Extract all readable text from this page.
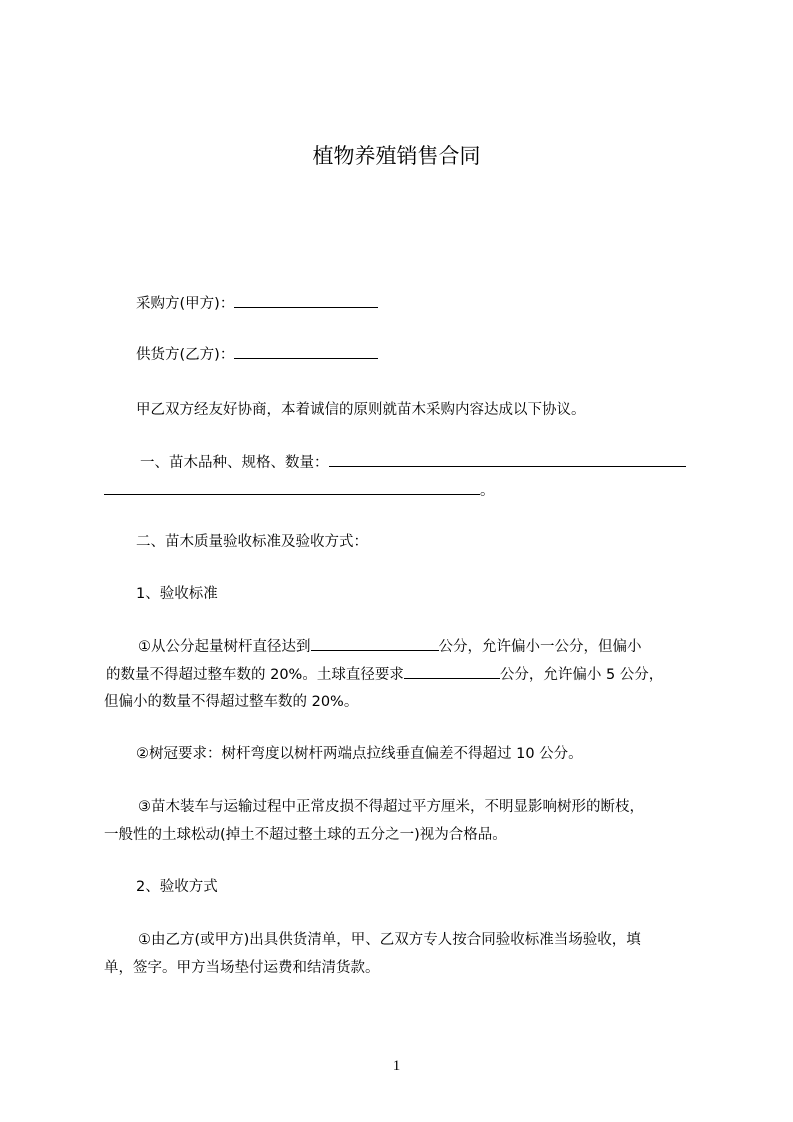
植物养殖销售合同

采购方(甲方)：

供货方(乙方)：

甲乙双方经友好协商，本着诚信的原则就苗木采购内容达成以下协议。

一、苗木品种、规格、数量：

。

二、苗木质量验收标准及验收方式：

1、验收标准

①从公分起量树杆直径达到	公分，允许偏小一公分，但偏小

的数量不得超过整车数的 20%。土球直径要求	公分，允许偏小 5 公分，

但偏小的数量不得超过整车数的 20%。

②树冠要求：树杆弯度以树杆两端点拉线垂直偏差不得超过 10 公分。

③苗木装车与运输过程中正常皮损不得超过平方厘米，不明显影响树形的断枝，

一般性的土球松动(掉土不超过整土球的五分之一)视为合格品。

2、验收方式

①由乙方(或甲方)出具供货清单，甲、乙双方专人按合同验收标准当场验收，填

单，签字。甲方当场垫付运费和结清货款。

1
